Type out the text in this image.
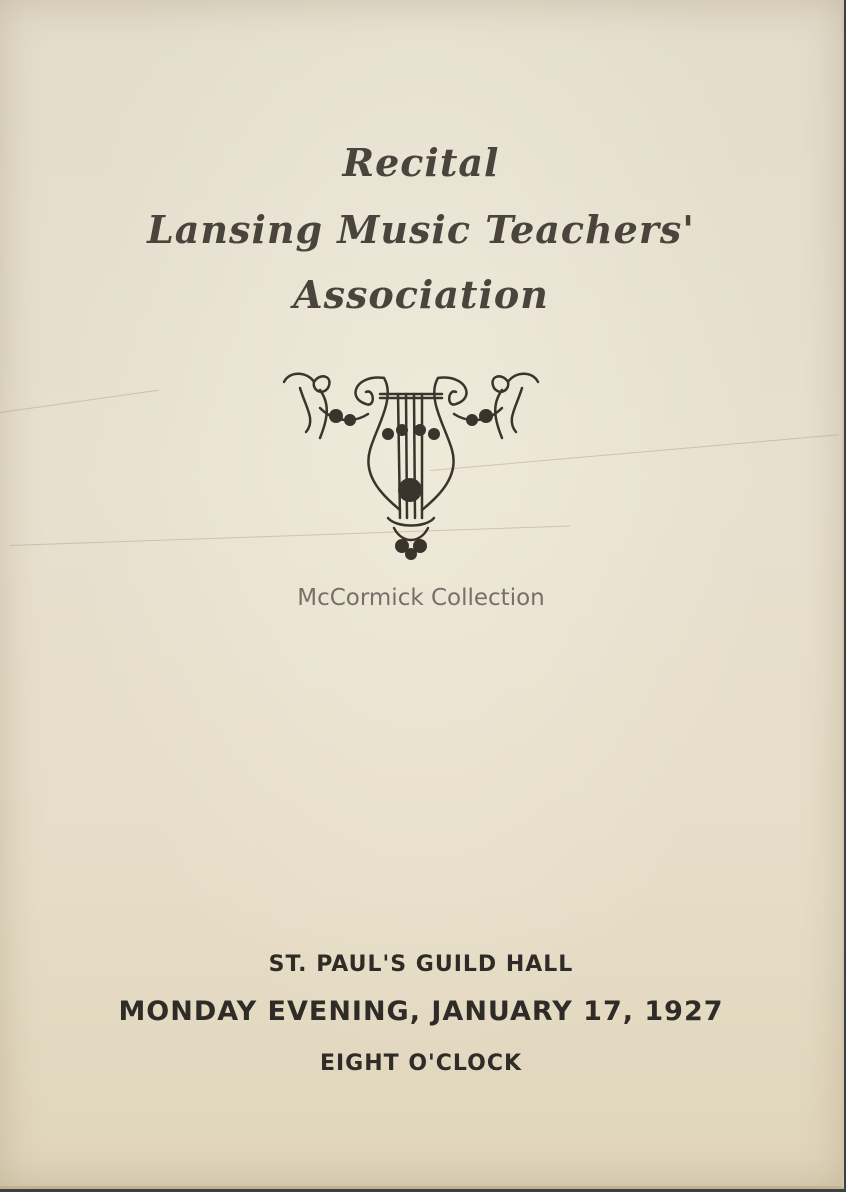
Recital
Lansing Music Teachers'
Association
McCormick Collection
ST. PAUL'S GUILD HALL
MONDAY EVENING, JANUARY 17, 1927
EIGHT O'CLOCK
